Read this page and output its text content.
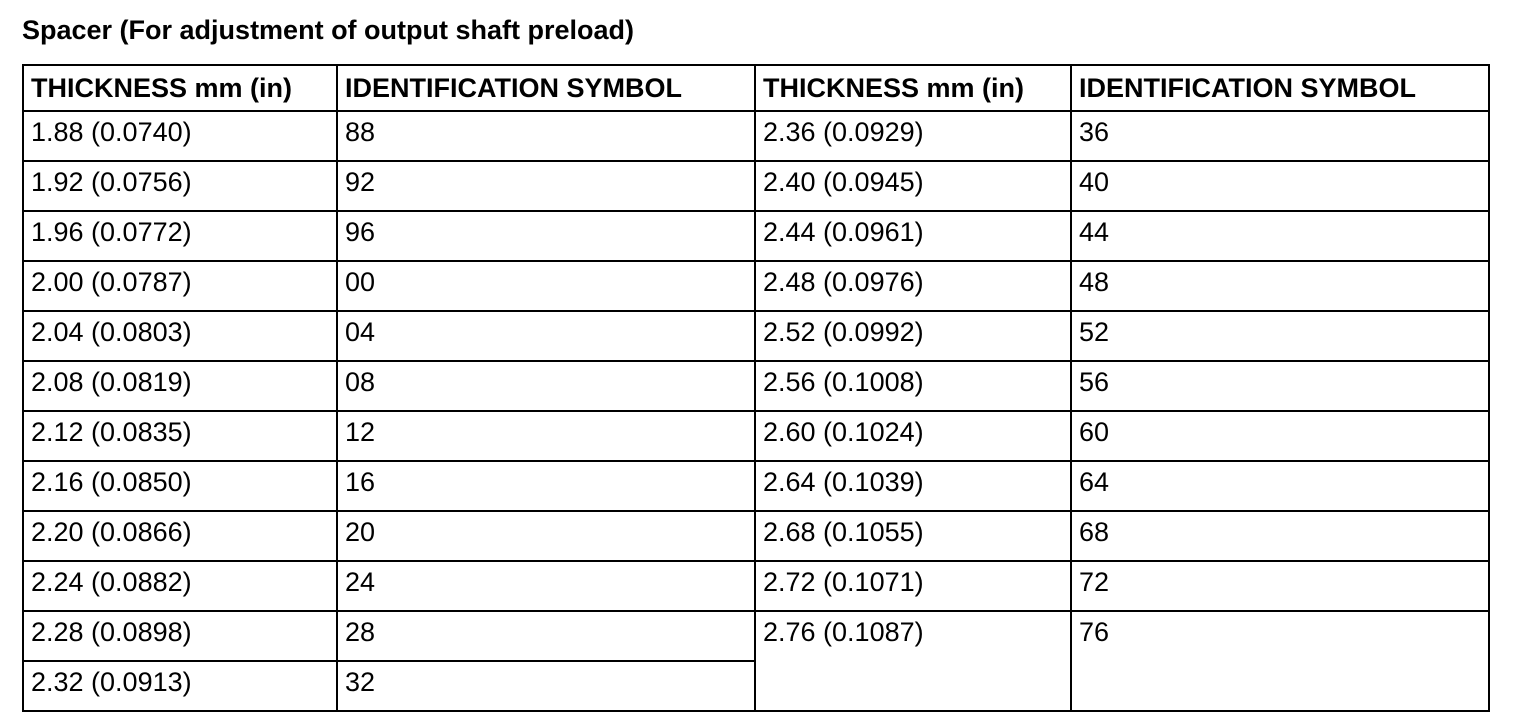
Spacer (For adjustment of output shaft preload)
THICKNESS mm (in)	IDENTIFICATION SYMBOL	THICKNESS mm (in)	IDENTIFICATION SYMBOL
1.88 (0.0740)	88	2.36 (0.0929)	36
1.92 (0.0756)	92	2.40 (0.0945)	40
1.96 (0.0772)	96	2.44 (0.0961)	44
2.00 (0.0787)	00	2.48 (0.0976)	48
2.04 (0.0803)	04	2.52 (0.0992)	52
2.08 (0.0819)	08	2.56 (0.1008)	56
2.12 (0.0835)	12	2.60 (0.1024)	60
2.16 (0.0850)	16	2.64 (0.1039)	64
2.20 (0.0866)	20	2.68 (0.1055)	68
2.24 (0.0882)	24	2.72 (0.1071)	72
2.28 (0.0898)	28	2.76 (0.1087)	76
2.32 (0.0913)	32		
